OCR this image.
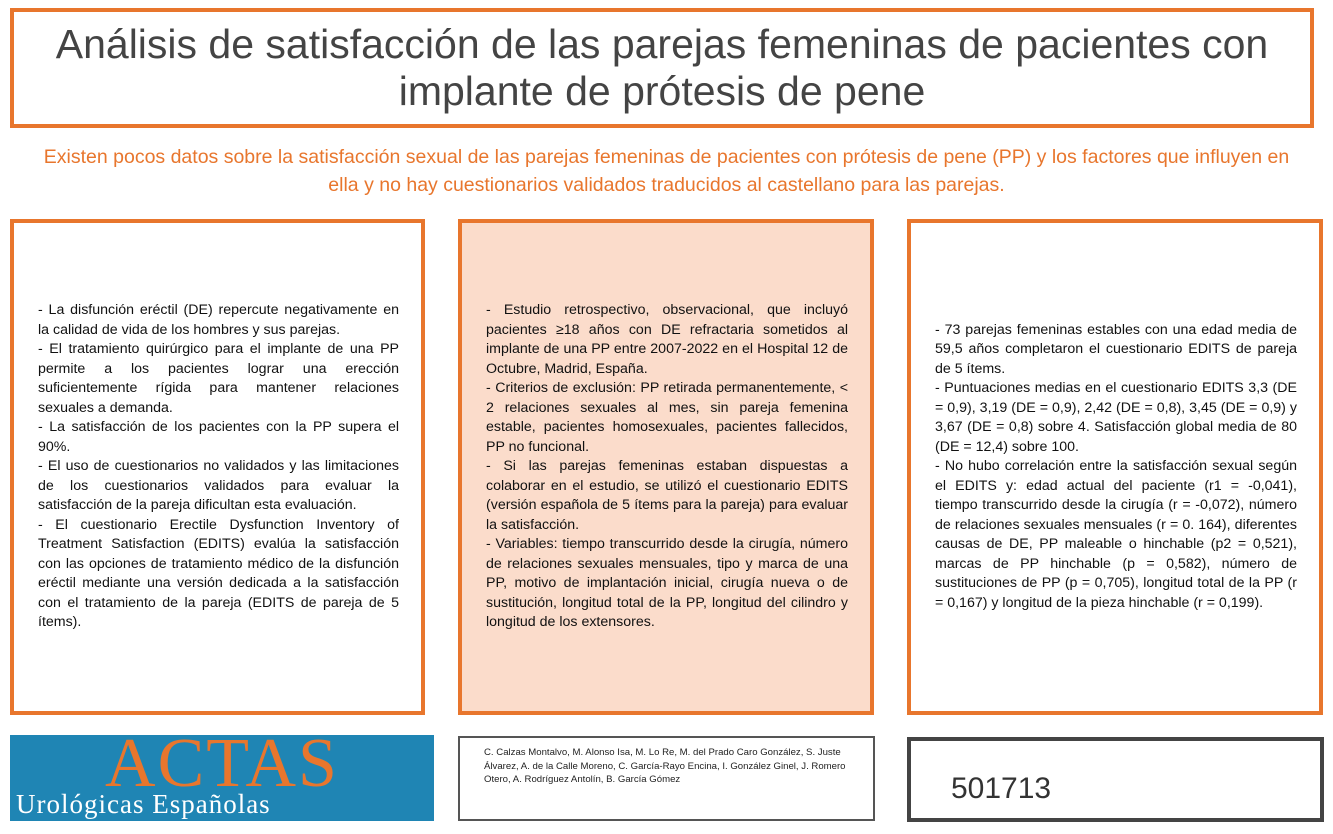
Análisis de satisfacción de las parejas femeninas de pacientes con implante de prótesis de pene
Existen pocos datos sobre la satisfacción sexual de las parejas femeninas de pacientes con prótesis de pene (PP) y los factores que influyen en ella y no hay cuestionarios validados traducidos al castellano para las parejas.

- La disfunción eréctil (DE) repercute negativamente en la calidad de vida de los hombres y sus parejas.

- El tratamiento quirúrgico para el implante de una PP permite a los pacientes lograr una erección suficientemente rígida para mantener relaciones sexuales a demanda.

- La satisfacción de los pacientes con la PP supera el 90%.

- El uso de cuestionarios no validados y las limitaciones de los cuestionarios validados para evaluar la satisfacción de la pareja dificultan esta evaluación.

- El cuestionario Erectile Dysfunction Inventory of Treatment Satisfaction (EDITS) evalúa la satisfacción con las opciones de tratamiento médico de la disfunción eréctil mediante una versión dedicada a la satisfacción con el tratamiento de la pareja (EDITS de pareja de 5 ítems).

- Estudio retrospectivo, observacional, que incluyó pacientes ≥18 años con DE refractaria sometidos al implante de una PP entre 2007-2022 en el Hospital 12 de Octubre, Madrid, España.

- Criterios de exclusión: PP retirada permanentemente, < 2 relaciones sexuales al mes, sin pareja femenina estable, pacientes homosexuales, pacientes fallecidos, PP no funcional.

- Si las parejas femeninas estaban dispuestas a colaborar en el estudio, se utilizó el cuestionario EDITS (versión española de 5 ítems para la pareja) para evaluar la satisfacción.

- Variables: tiempo transcurrido desde la cirugía, número de relaciones sexuales mensuales, tipo y marca de una PP, motivo de implantación inicial, cirugía nueva o de sustitución, longitud total de la PP, longitud del cilindro y longitud de los extensores.

- 73 parejas femeninas estables con una edad media de 59,5 años completaron el cuestionario EDITS de pareja de 5 ítems.

- Puntuaciones medias en el cuestionario EDITS 3,3 (DE = 0,9), 3,19 (DE = 0,9), 2,42 (DE = 0,8), 3,45 (DE = 0,9) y 3,67 (DE = 0,8) sobre 4. Satisfacción global media de 80 (DE = 12,4) sobre 100.

- No hubo correlación entre la satisfacción sexual según el EDITS y: edad actual del paciente (r1 = -0,041), tiempo transcurrido desde la cirugía (r = -0,072), número de relaciones sexuales mensuales (r = 0. 164), diferentes causas de DE, PP maleable o hinchable (p2 = 0,521), marcas de PP hinchable (p = 0,582), número de sustituciones de PP (p = 0,705), longitud total de la PP (r = 0,167) y longitud de la pieza hinchable (r = 0,199).

ACTAS
Urológicas Españolas

C. Calzas Montalvo, M. Alonso Isa, M. Lo Re, M. del Prado Caro González, S. Juste Álvarez, A. de la Calle Moreno, C. García-Rayo Encina, I. González Ginel, J. Romero Otero, A. Rodríguez Antolín, B. García Gómez	501713
